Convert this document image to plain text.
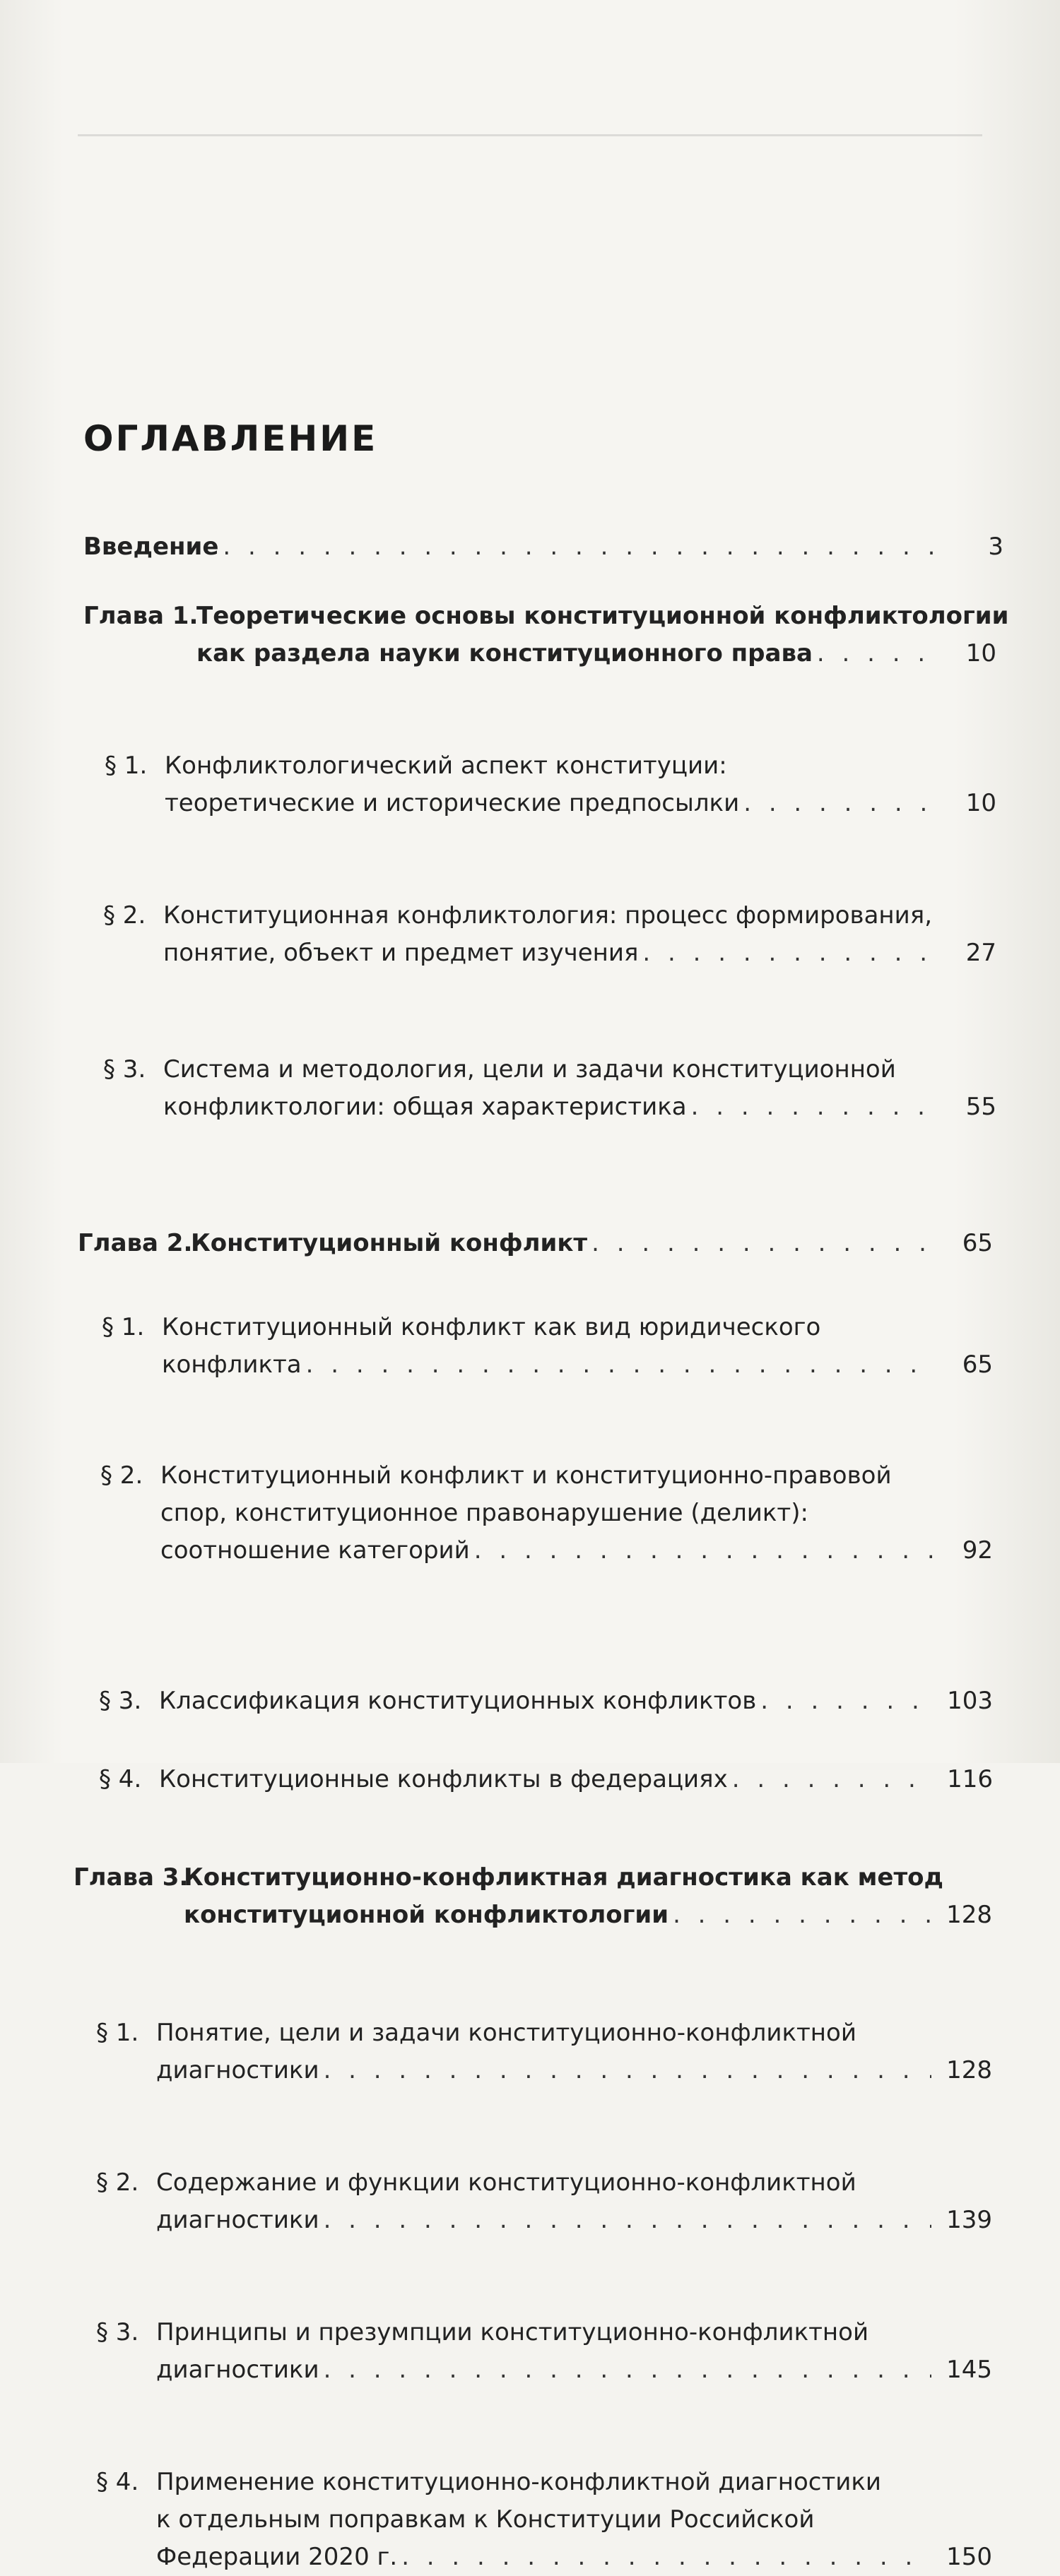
ОГЛАВЛЕНИЕ
Введение . . .	3
Глава 1.
Теоретические основы конституционной конфликтологии
как раздела науки конституционного права . . .	10
§ 1. Конфликтологический аспект конституции:
теоретические и исторические предпосылки . . .	10
§ 2. Конституционная конфликтология: процесс формирования,
понятие, объект и предмет изучения . . .	27
§ 3. Система и методология, цели и задачи конституционной
конфликтологии: общая характеристика . . .	55
Глава 2.
Конституционный конфликт . . .	65
§ 1. Конституционный конфликт как вид юридического
конфликта . . .	65
§ 2. Конституционный конфликт и конституционно-правовой
спор, конституционное правонарушение (деликт):
соотношение категорий . . .	92
§ 3. Классификация конституционных конфликтов . . .	103
§ 4. Конституционные конфликты в федерациях . . .	116
Глава 3.
Конституционно-конфликтная диагностика как метод
конституционной конфликтологии . . .	128
§ 1. Понятие, цели и задачи конституционно-конфликтной
диагностики . . .	128
§ 2. Содержание и функции конституционно-конфликтной
диагностики . . .	139
§ 3. Принципы и презумпции конституционно-конфликтной
диагностики . . .	145
§ 4. Применение конституционно-конфликтной диагностики
к отдельным поправкам к Конституции Российской
Федерации 2020 г. . . .	150
